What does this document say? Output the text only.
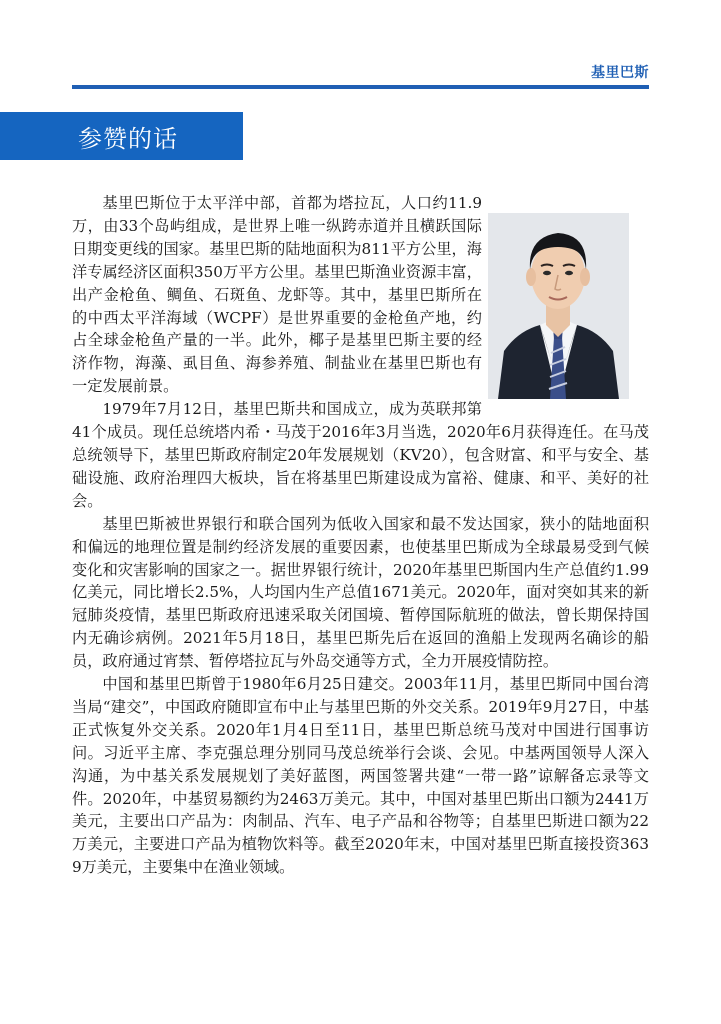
基里巴斯
参赞的话

基里巴斯位于太平洋中部，首都为塔拉瓦，人口约11.9万，由33个岛屿组成，是世界上唯一纵跨赤道并且横跃国际日期变更线的国家。基里巴斯的陆地面积为811平方公里，海洋专属经济区面积350万平方公里。基里巴斯渔业资源丰富，出产金枪鱼、鲷鱼、石斑鱼、龙虾等。其中，基里巴斯所在的中西太平洋海域（WCPF）是世界重要的金枪鱼产地，约占全球金枪鱼产量的一半。此外，椰子是基里巴斯主要的经济作物，海藻、虱目鱼、海参养殖、制盐业在基里巴斯也有一定发展前景。

1979年7月12日，基里巴斯共和国成立，成为英联邦第41个成员。现任总统塔内希・马茂于2016年3月当选，2020年6月获得连任。在马茂总统领导下，基里巴斯政府制定20年发展规划（KV20），包含财富、和平与安全、基础设施、政府治理四大板块，旨在将基里巴斯建设成为富裕、健康、和平、美好的社会。

基里巴斯被世界银行和联合国列为低收入国家和最不发达国家，狭小的陆地面积和偏远的地理位置是制约经济发展的重要因素，也使基里巴斯成为全球最易受到气候变化和灾害影响的国家之一。据世界银行统计，2020年基里巴斯国内生产总值约1.99亿美元，同比增长2.5%，人均国内生产总值1671美元。2020年，面对突如其来的新冠肺炎疫情，基里巴斯政府迅速采取关闭国境、暂停国际航班的做法，曾长期保持国内无确诊病例。2021年5月18日，基里巴斯先后在返回的渔船上发现两名确诊的船员，政府通过宵禁、暂停塔拉瓦与外岛交通等方式，全力开展疫情防控。

中国和基里巴斯曾于1980年6月25日建交。2003年11月，基里巴斯同中国台湾当局“建交”，中国政府随即宣布中止与基里巴斯的外交关系。2019年9月27日，中基正式恢复外交关系。2020年1月4日至11日，基里巴斯总统马茂对中国进行国事访问。习近平主席、李克强总理分别同马茂总统举行会谈、会见。中基两国领导人深入沟通，为中基关系发展规划了美好蓝图，两国签署共建“一带一路”谅解备忘录等文件。2020年，中基贸易额约为2463万美元。其中，中国对基里巴斯出口额为2441万美元，主要出口产品为：肉制品、汽车、电子产品和谷物等；自基里巴斯进口额为22万美元，主要进口产品为植物饮料等。截至2020年末，中国对基里巴斯直接投资3639万美元，主要集中在渔业领域。
